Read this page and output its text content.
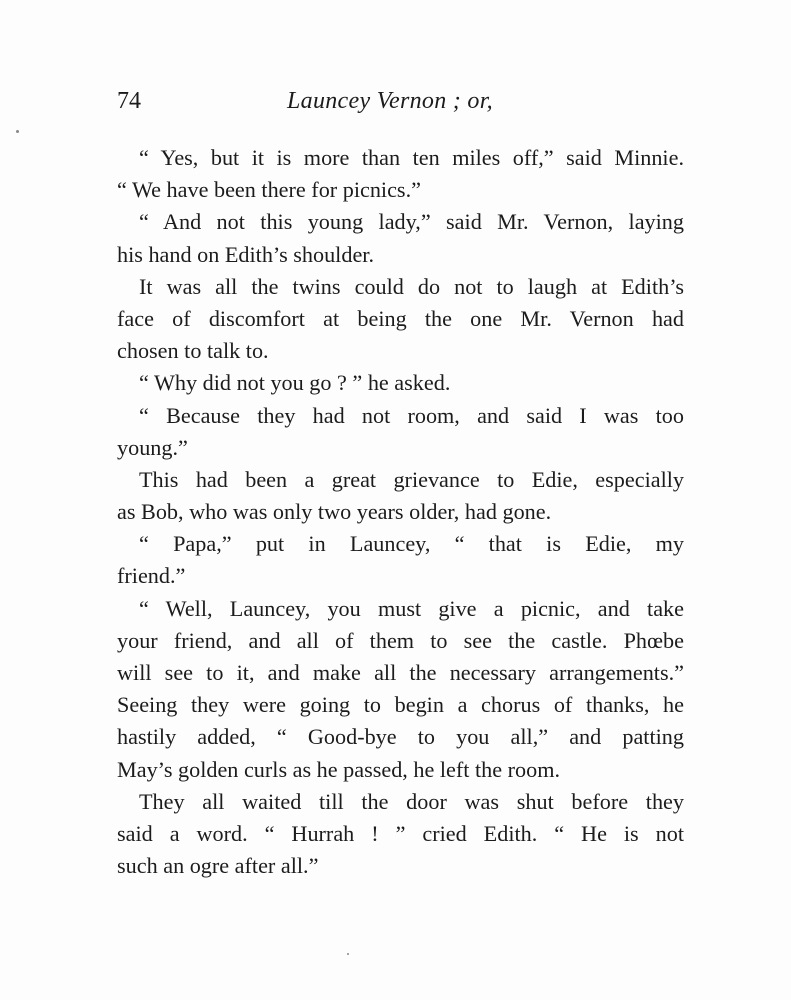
74	Launcey Vernon ; or,
“ Yes, but it is more than ten miles off,” said Minnie.
“ We have been there for picnics.”
“ And not this young lady,” said Mr. Vernon, laying
his hand on Edith’s shoulder.
It was all the twins could do not to laugh at Edith’s
face of discomfort at being the one Mr. Vernon had
chosen to talk to.
“ Why did not you go ? ” he asked.
“ Because they had not room, and said I was too
young.”
This had been a great grievance to Edie, especially
as Bob, who was only two years older, had gone.
“ Papa,” put in Launcey, “ that is Edie, my
friend.”
“ Well, Launcey, you must give a picnic, and take
your friend, and all of them to see the castle. Phœbe
will see to it, and make all the necessary arrangements.”
Seeing they were going to begin a chorus of thanks, he
hastily added, “ Good-bye to you all,” and patting
May’s golden curls as he passed, he left the room.
They all waited till the door was shut before they
said a word. “ Hurrah ! ” cried Edith. “ He is not
such an ogre after all.”
